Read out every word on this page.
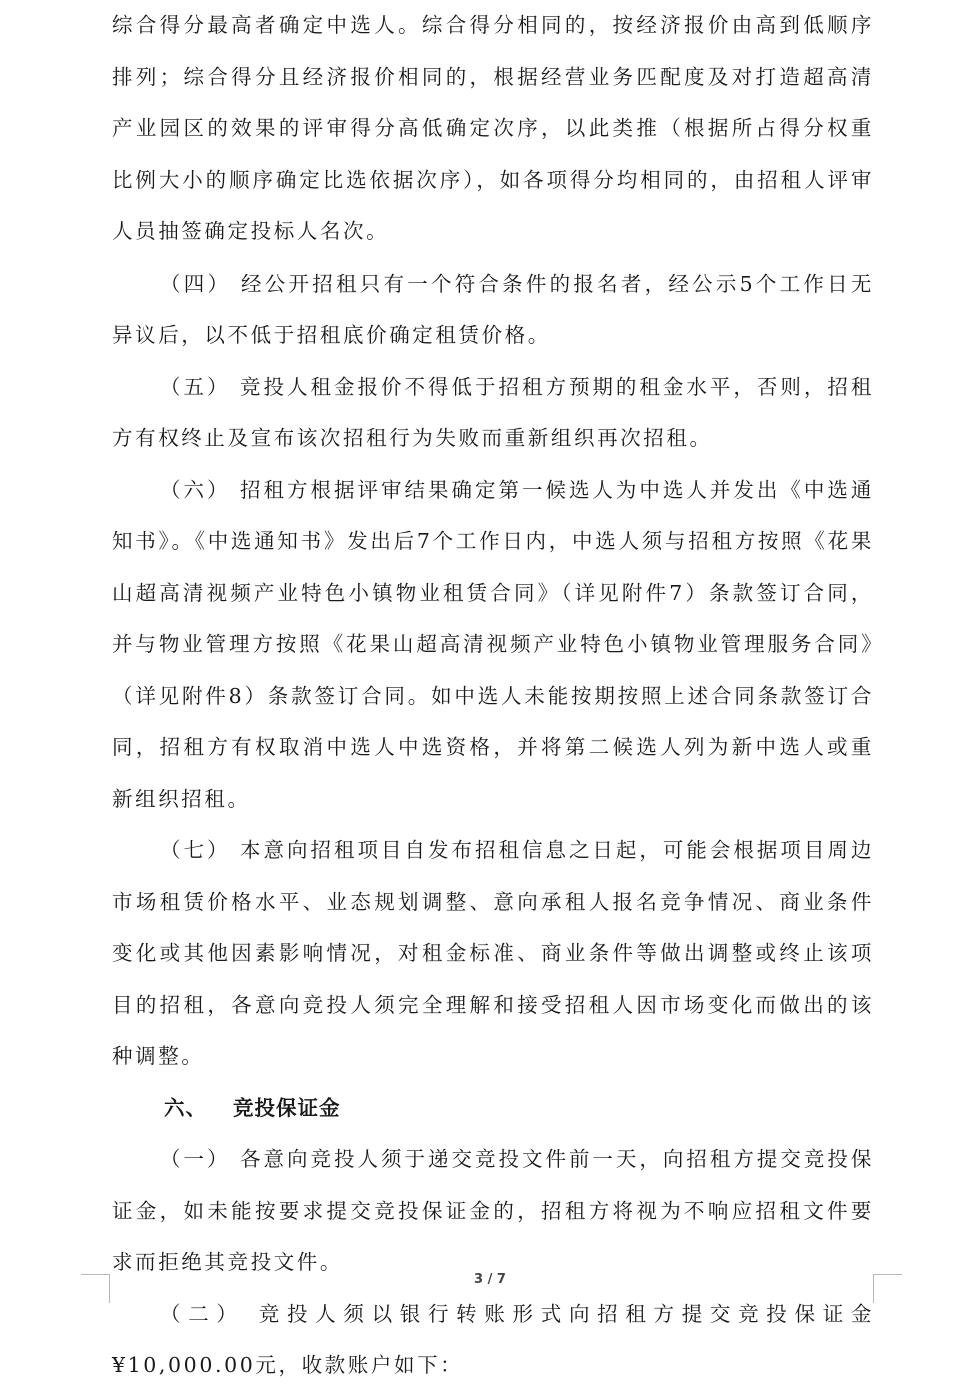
综合得分最高者确定中选人。综合得分相同的，按经济报价由高到低顺序排列；综合得分且经济报价相同的，根据经营业务匹配度及对打造超高清产业园区的效果的评审得分高低确定次序，以此类推（根据所占得分权重比例大小的顺序确定比选依据次序），如各项得分均相同的，由招租人评审人员抽签确定投标人名次。

（四） 经公开招租只有一个符合条件的报名者，经公示5个工作日无异议后，以不低于招租底价确定租赁价格。

（五） 竞投人租金报价不得低于招租方预期的租金水平，否则，招租方有权终止及宣布该次招租行为失败而重新组织再次招租。

（六） 招租方根据评审结果确定第一候选人为中选人并发出《中选通知书》。《中选通知书》发出后7个工作日内，中选人须与招租方按照《花果山超高清视频产业特色小镇物业租赁合同》（详见附件7）条款签订合同，并与物业管理方按照《花果山超高清视频产业特色小镇物业管理服务合同》（详见附件8）条款签订合同。如中选人未能按期按照上述合同条款签订合同，招租方有权取消中选人中选资格，并将第二候选人列为新中选人或重新组织招租。

（七） 本意向招租项目自发布招租信息之日起，可能会根据项目周边市场租赁价格水平、业态规划调整、意向承租人报名竞争情况、商业条件变化或其他因素影响情况，对租金标准、商业条件等做出调整或终止该项目的招租，各意向竞投人须完全理解和接受招租人因市场变化而做出的该种调整。

六、 竞投保证金

（一） 各意向竞投人须于递交竞投文件前一天，向招租方提交竞投保证金，如未能按要求提交竞投保证金的，招租方将视为不响应招租文件要求而拒绝其竞投文件。

（二） 竞投人须以银行转账形式向招租方提交竞投保证金¥10,000.00元，收款账户如下：

3 / 7
